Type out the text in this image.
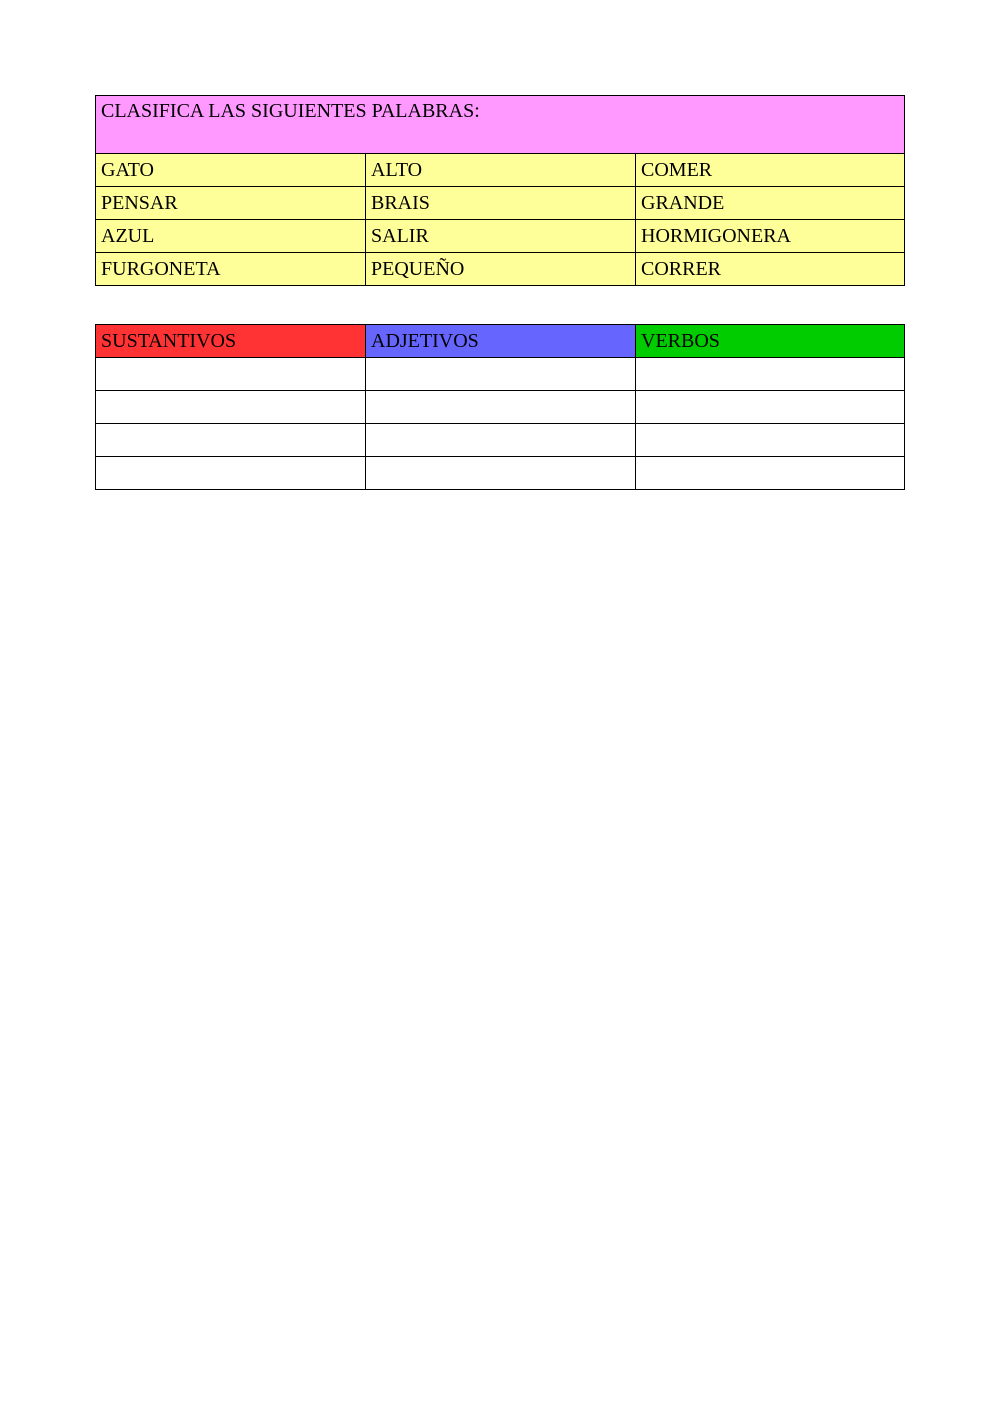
CLASIFICA LAS SIGUIENTES PALABRAS:		
GATO	ALTO	COMER
PENSAR	BRAIS	GRANDE
AZUL	SALIR	HORMIGONERA
FURGONETA	PEQUEÑO	CORRER
SUSTANTIVOS	ADJETIVOS	VERBOS
